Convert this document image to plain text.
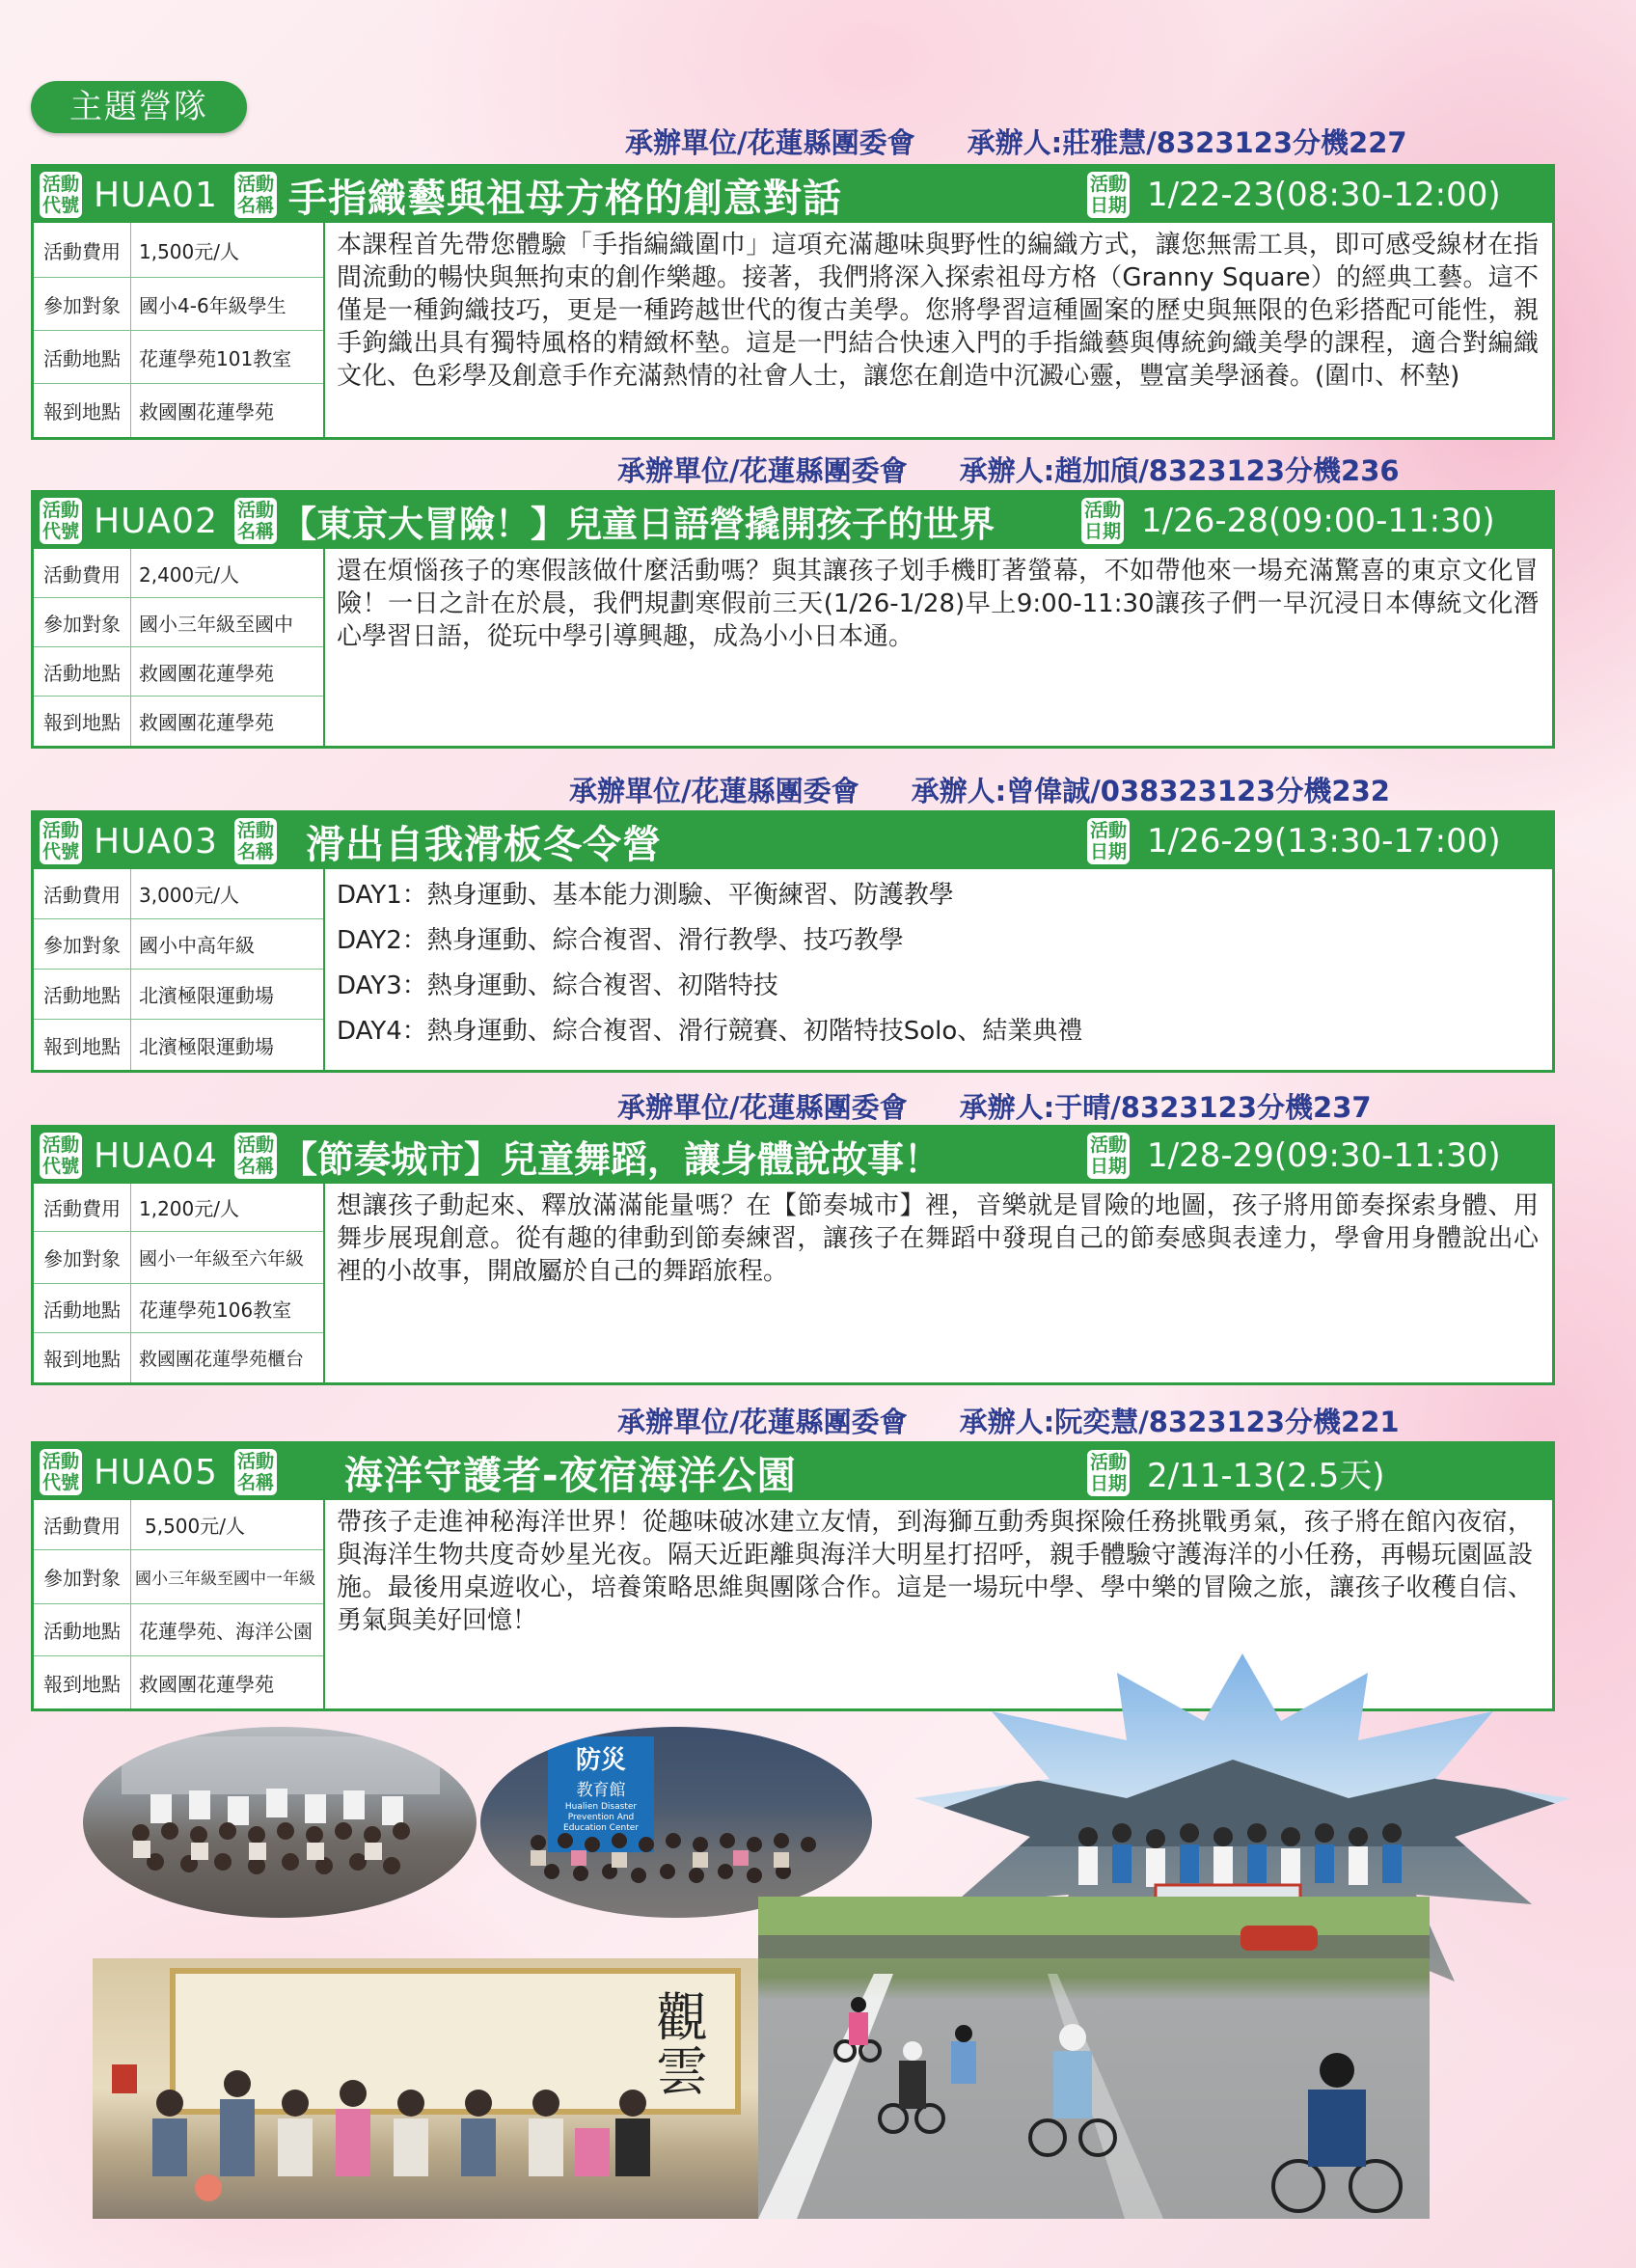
主題營隊
承辦單位/花蓮縣團委會 承辦人:莊雅慧/8323123分機227
活動代號 HUA01	活動名稱 手指織藝與祖母方格的創意對話	活動日期 1/22-23(08:30-12:00)
活動費用 1,500元/人
參加對象 國小4-6年級學生
活動地點 花蓮學苑101教室
報到地點 救國團花蓮學苑
本課程首先帶您體驗「手指編織圍巾」這項充滿趣味與野性的編織方式，讓您無需工具，即可感受線材在指間流動的暢快與無拘束的創作樂趣。接著，我們將深入探索祖母方格（Granny Square）的經典工藝。這不僅是一種鉤織技巧，更是一種跨越世代的復古美學。您將學習這種圖案的歷史與無限的色彩搭配可能性，親手鉤織出具有獨特風格的精緻杯墊。這是一門結合快速入門的手指織藝與傳統鉤織美學的課程，適合對編織文化、色彩學及創意手作充滿熱情的社會人士，讓您在創造中沉澱心靈，豐富美學涵養。(圍巾、杯墊)
承辦單位/花蓮縣團委會 承辦人:趙加頎/8323123分機236
活動代號 HUA02	活動名稱 【東京大冒險！】兒童日語營撬開孩子的世界	活動日期 1/26-28(09:00-11:30)
活動費用 2,400元/人
參加對象 國小三年級至國中
活動地點 救國團花蓮學苑
報到地點 救國團花蓮學苑
還在煩惱孩子的寒假該做什麼活動嗎？與其讓孩子划手機盯著螢幕，不如帶他來一場充滿驚喜的東京文化冒險！一日之計在於晨，我們規劃寒假前三天(1/26-1/28)早上9:00-11:30讓孩子們一早沉浸日本傳統文化潛心學習日語，從玩中學引導興趣，成為小小日本通。
承辦單位/花蓮縣團委會 承辦人:曾偉誠/038323123分機232
活動代號 HUA03	活動名稱 滑出自我滑板冬令營	活動日期 1/26-29(13:30-17:00)
活動費用 3,000元/人
參加對象 國小中高年級
活動地點 北濱極限運動場
報到地點 北濱極限運動場
DAY1：熱身運動、基本能力測驗、平衡練習、防護教學
DAY2：熱身運動、綜合複習、滑行教學、技巧教學
DAY3：熱身運動、綜合複習、初階特技
DAY4：熱身運動、綜合複習、滑行競賽、初階特技Solo、結業典禮
承辦單位/花蓮縣團委會 承辦人:于晴/8323123分機237
活動代號 HUA04	活動名稱 【節奏城市】兒童舞蹈，讓身體說故事！	活動日期 1/28-29(09:30-11:30)
活動費用 1,200元/人
參加對象	國小一年級至六年級
活動地點 花蓮學苑106教室
報到地點	救國團花蓮學苑櫃台
想讓孩子動起來、釋放滿滿能量嗎？在【節奏城市】裡，音樂就是冒險的地圖，孩子將用節奏探索身體、用舞步展現創意。從有趣的律動到節奏練習，讓孩子在舞蹈中發現自己的節奏感與表達力，學會用身體說出心裡的小故事，開啟屬於自己的舞蹈旅程。
承辦單位/花蓮縣團委會 承辦人:阮奕慧/8323123分機221
活動代號 HUA05	活動名稱 海洋守護者-夜宿海洋公園	活動日期 2/11-13(2.5天)
活動費用	5,500元/人
參加對象 國小三年級至國中一年級
活動地點 花蓮學苑、海洋公園
報到地點 救國團花蓮學苑
帶孩子走進神秘海洋世界！從趣味破冰建立友情，到海獅互動秀與探險任務挑戰勇氣，孩子將在館內夜宿，與海洋生物共度奇妙星光夜。隔天近距離與海洋大明星打招呼，親手體驗守護海洋的小任務，再暢玩園區設施。最後用桌遊收心，培養策略思維與團隊合作。這是一場玩中學、學中樂的冒險之旅，讓孩子收穫自信、勇氣與美好回憶！
防災
教育館
Hualien Disaster Prevention And Education Center
觀雲
